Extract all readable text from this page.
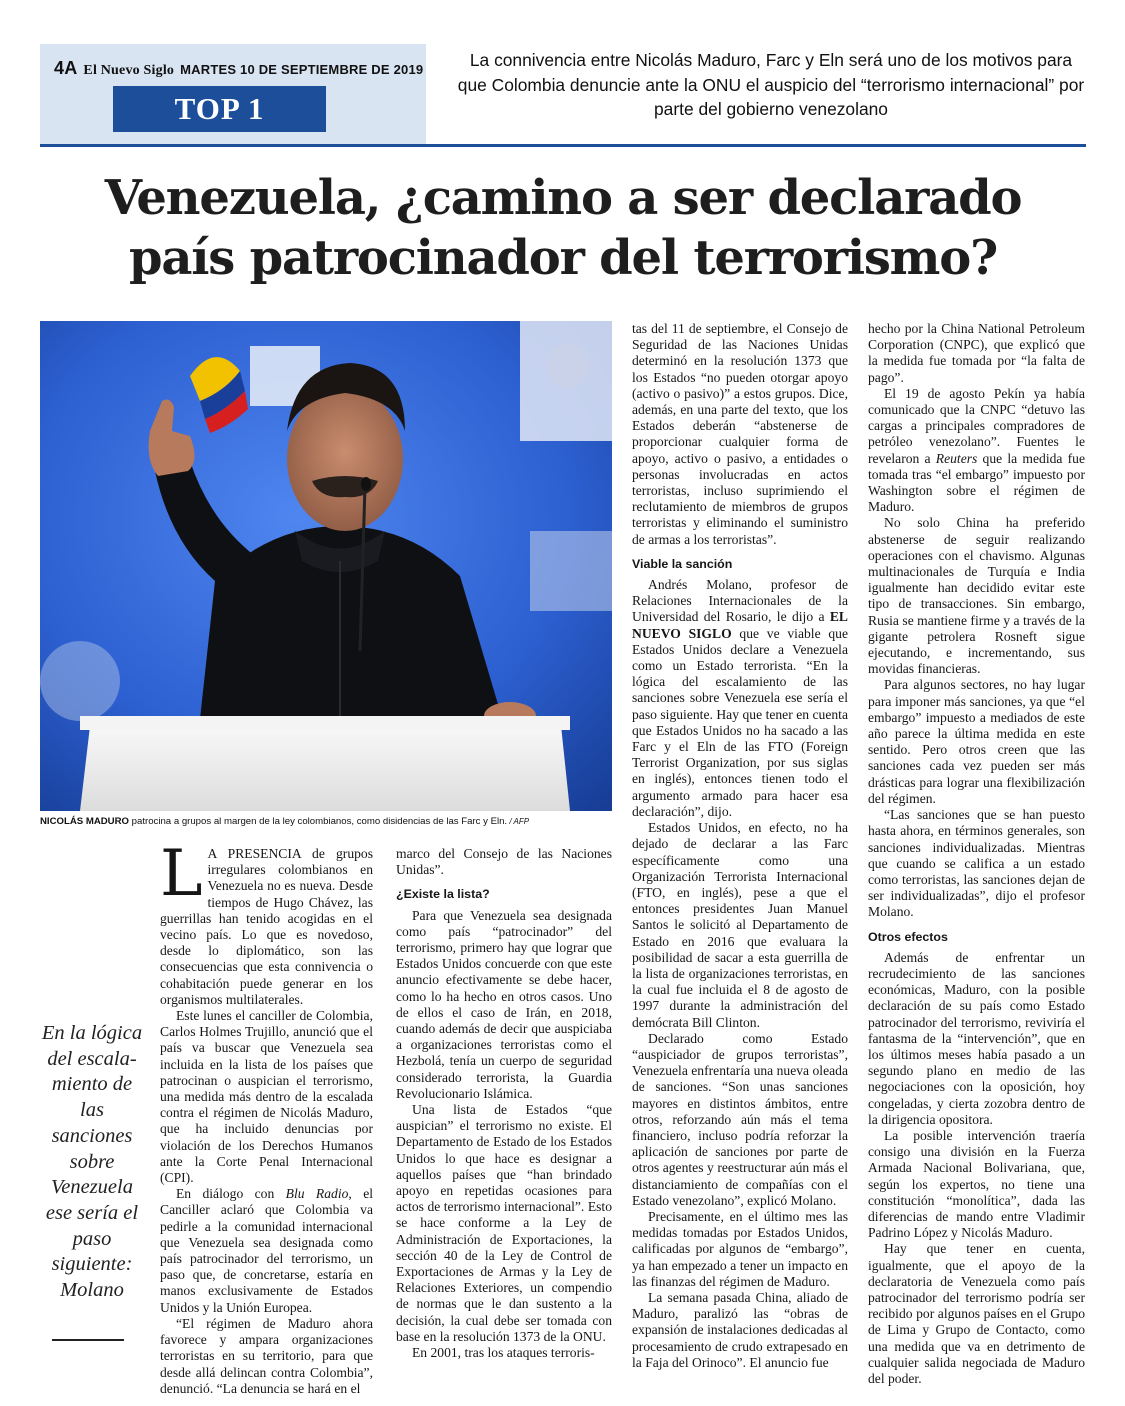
4A El Nuevo Siglo MARTES 10 DE SEPTIEMBRE DE 2019
TOP 1
La connivencia entre Nicolás Maduro, Farc y Eln será uno de los motivos para que Colombia denuncie ante la ONU el auspicio del “terrorismo internacional” por parte del gobierno venezolano
Venezuela, ¿camino a ser declarado
país patrocinador del terrorismo?
NICOLÁS MADURO patrocina a grupos al margen de la ley colombianos, como disidencias de las Farc y Eln. / AFP
En la lógica del escala-miento de las sanciones sobre Venezuela ese sería el paso siguiente: Molano

L A PRESENCIA de grupos irregulares colombianos en Venezuela no es nueva. Desde tiempos de Hugo Chávez, las guerrillas han tenido acogidas en el vecino país. Lo que es novedoso, desde lo diplomático, son las consecuencias que esta connivencia o cohabitación puede generar en los organismos multilaterales.

Este lunes el canciller de Colombia, Carlos Holmes Trujillo, anunció que el país va buscar que Venezuela sea incluida en la lista de los países que patrocinan o auspician el terrorismo, una medida más dentro de la escalada contra el régimen de Nicolás Maduro, que ha incluido denuncias por violación de los Derechos Humanos ante la Corte Penal Internacional (CPI).

En diálogo con Blu Radio, el Canciller aclaró que Colombia va pedirle a la comunidad internacional que Venezuela sea designada como país patrocinador del terrorismo, un paso que, de concretarse, estaría en manos exclusivamente de Estados Unidos y la Unión Europea.

“El régimen de Maduro ahora favorece y ampara organizaciones terroristas en su territorio, para que desde allá delincan contra Colombia”, denunció. “La denuncia se hará en el

marco del Consejo de las Naciones Unidas”.

¿Existe la lista?

Para que Venezuela sea designada como país “patrocinador” del terrorismo, primero hay que lograr que Estados Unidos concuerde con que este anuncio efectivamente se debe hacer, como lo ha hecho en otros casos. Uno de ellos el caso de Irán, en 2018, cuando además de decir que auspiciaba a organizaciones terroristas como el Hezbolá, tenía un cuerpo de seguridad considerado terrorista, la Guardia Revolucionario Islámica.

Una lista de Estados “que auspician” el terrorismo no existe. El Departamento de Estado de los Estados Unidos lo que hace es designar a aquellos países que “han brindado apoyo en repetidas ocasiones para actos de terrorismo internacional”. Esto se hace conforme a la Ley de Administración de Exportaciones, la sección 40 de la Ley de Control de Exportaciones de Armas y la Ley de Relaciones Exteriores, un compendio de normas que le dan sustento a la decisión, la cual debe ser tomada con base en la resolución 1373 de la ONU.

En 2001, tras los ataques terroris-

tas del 11 de septiembre, el Consejo de Seguridad de las Naciones Unidas determinó en la resolución 1373 que los Estados “no pueden otorgar apoyo (activo o pasivo)” a estos grupos. Dice, además, en una parte del texto, que los Estados deberán “abstenerse de proporcionar cualquier forma de apoyo, activo o pasivo, a entidades o personas involucradas en actos terroristas, incluso suprimiendo el reclutamiento de miembros de grupos terroristas y eliminando el suministro de armas a los terroristas”.

Viable la sanción

Andrés Molano, profesor de Relaciones Internacionales de la Universidad del Rosario, le dijo a EL NUEVO SIGLO que ve viable que Estados Unidos declare a Venezuela como un Estado terrorista. “En la lógica del escalamiento de las sanciones sobre Venezuela ese sería el paso siguiente. Hay que tener en cuenta que Estados Unidos no ha sacado a las Farc y el Eln de las FTO (Foreign Terrorist Organization, por sus siglas en inglés), entonces tienen todo el argumento armado para hacer esa declaración”, dijo.

Estados Unidos, en efecto, no ha dejado de declarar a las Farc específicamente como una Organización Terrorista Internacional (FTO, en inglés), pese a que el entonces presidentes Juan Manuel Santos le solicitó al Departamento de Estado en 2016 que evaluara la posibilidad de sacar a esta guerrilla de la lista de organizaciones terroristas, en la cual fue incluida el 8 de agosto de 1997 durante la administración del demócrata Bill Clinton.

Declarado como Estado “auspiciador de grupos terroristas”, Venezuela enfrentaría una nueva oleada de sanciones. “Son unas sanciones mayores en distintos ámbitos, entre otros, reforzando aún más el tema financiero, incluso podría reforzar la aplicación de sanciones por parte de otros agentes y reestructurar aún más el distanciamiento de compañías con el Estado venezolano”, explicó Molano.

Precisamente, en el último mes las medidas tomadas por Estados Unidos, calificadas por algunos de “embargo”, ya han empezado a tener un impacto en las finanzas del régimen de Maduro.

La semana pasada China, aliado de Maduro, paralizó las “obras de expansión de instalaciones dedicadas al procesamiento de crudo extrapesado en la Faja del Orinoco”. El anuncio fue

hecho por la China National Petroleum Corporation (CNPC), que explicó que la medida fue tomada por “la falta de pago”.

El 19 de agosto Pekín ya había comunicado que la CNPC “detuvo las cargas a principales compradores de petróleo venezolano”. Fuentes le revelaron a Reuters que la medida fue tomada tras “el embargo” impuesto por Washington sobre el régimen de Maduro.

No solo China ha preferido abstenerse de seguir realizando operaciones con el chavismo. Algunas multinacionales de Turquía e India igualmente han decidido evitar este tipo de transacciones. Sin embargo, Rusia se mantiene firme y a través de la gigante petrolera Rosneft sigue ejecutando, e incrementando, sus movidas financieras.

Para algunos sectores, no hay lugar para imponer más sanciones, ya que “el embargo” impuesto a mediados de este año parece la última medida en este sentido. Pero otros creen que las sanciones cada vez pueden ser más drásticas para lograr una flexibilización del régimen.

“Las sanciones que se han puesto hasta ahora, en términos generales, son sanciones individualizadas. Mientras que cuando se califica a un estado como terroristas, las sanciones dejan de ser individualizadas”, dijo el profesor Molano.

Otros efectos

Además de enfrentar un recrudecimiento de las sanciones económicas, Maduro, con la posible declaración de su país como Estado patrocinador del terrorismo, reviviría el fantasma de la “intervención”, que en los últimos meses había pasado a un segundo plano en medio de las negociaciones con la oposición, hoy congeladas, y cierta zozobra dentro de la dirigencia opositora.

La posible intervención traería consigo una división en la Fuerza Armada Nacional Bolivariana, que, según los expertos, no tiene una constitución “monolítica”, dada las diferencias de mando entre Vladimir Padrino López y Nicolás Maduro.

Hay que tener en cuenta, igualmente, que el apoyo de la declaratoria de Venezuela como país patrocinador del terrorismo podría ser recibido por algunos países en el Grupo de Lima y Grupo de Contacto, como una medida que va en detrimento de cualquier salida negociada de Maduro del poder.
